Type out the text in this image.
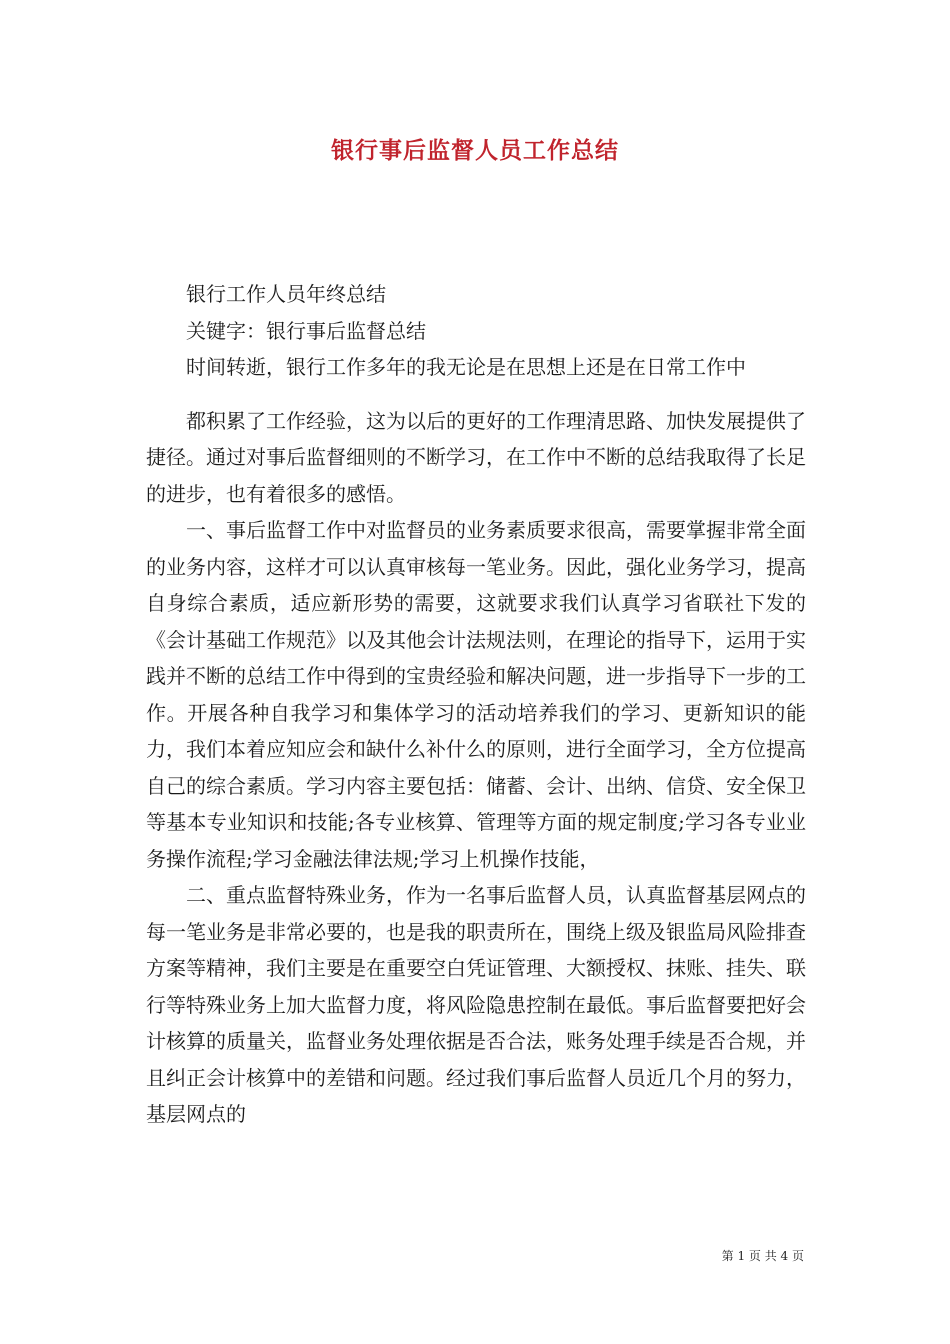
银行事后监督人员工作总结

银行工作人员年终总结

关键字：银行事后监督总结

时间转逝，银行工作多年的我无论是在思想上还是在日常工作中

都积累了工作经验，这为以后的更好的工作理清思路、加快发展提供了捷径。通过对事后监督细则的不断学习，在工作中不断的总结我取得了长足的进步，也有着很多的感悟。

一、事后监督工作中对监督员的业务素质要求很高，需要掌握非常全面的业务内容，这样才可以认真审核每一笔业务。因此，强化业务学习，提高自身综合素质，适应新形势的需要，这就要求我们认真学习省联社下发的《会计基础工作规范》以及其他会计法规法则，在理论的指导下，运用于实践并不断的总结工作中得到的宝贵经验和解决问题，进一步指导下一步的工作。开展各种自我学习和集体学习的活动培养我们的学习、更新知识的能力，我们本着应知应会和缺什么补什么的原则，进行全面学习，全方位提高自己的综合素质。学习内容主要包括：储蓄、会计、出纳、信贷、安全保卫等基本专业知识和技能;各专业核算、管理等方面的规定制度;学习各专业业务操作流程;学习金融法律法规;学习上机操作技能，

二、重点监督特殊业务，作为一名事后监督人员，认真监督基层网点的每一笔业务是非常必要的，也是我的职责所在，围绕上级及银监局风险排查方案等精神，我们主要是在重要空白凭证管理、大额授权、抹账、挂失、联行等特殊业务上加大监督力度，将风险隐患控制在最低。事后监督要把好会计核算的质量关，监督业务处理依据是否合法，账务处理手续是否合规，并且纠正会计核算中的差错和问题。经过我们事后监督人员近几个月的努力，基层网点的

第 1 页 共 4 页
